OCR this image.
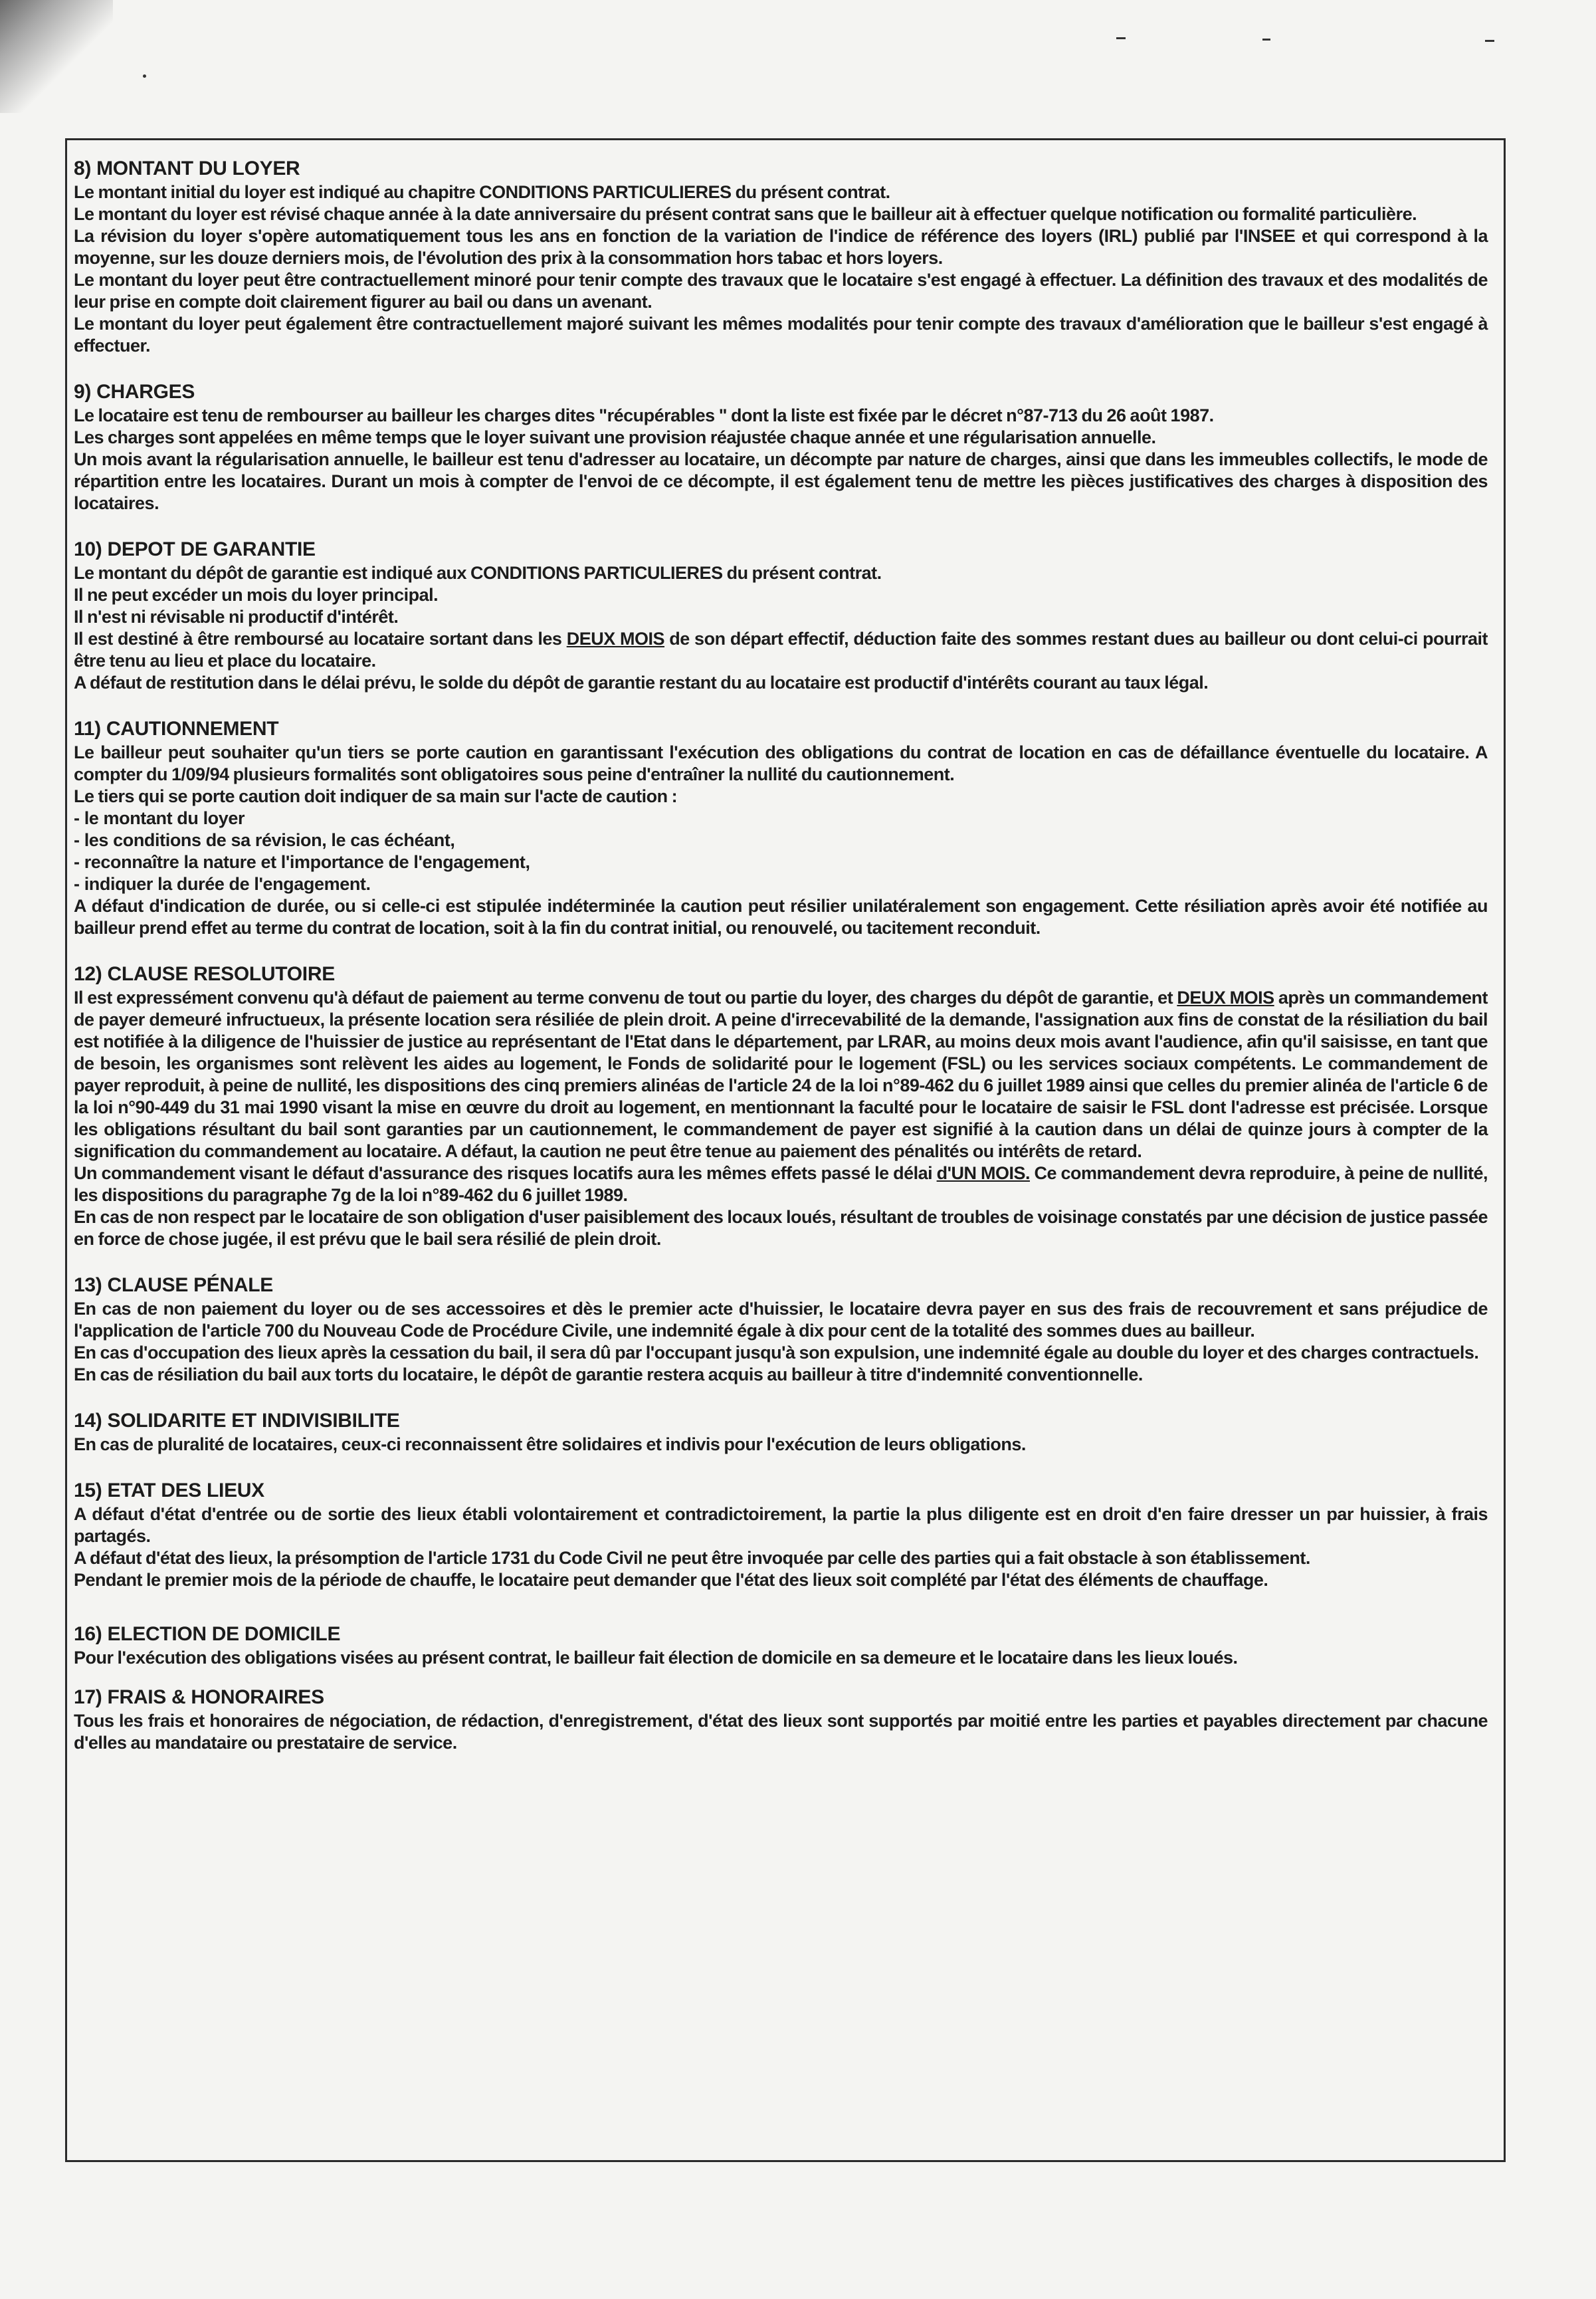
8) MONTANT DU LOYER

Le montant initial du loyer est indiqué au chapitre CONDITIONS PARTICULIERES du présent contrat.

Le montant du loyer est révisé chaque année à la date anniversaire du présent contrat sans que le bailleur ait à effectuer quelque notification ou formalité particulière.

La révision du loyer s'opère automatiquement tous les ans en fonction de la variation de l'indice de référence des loyers (IRL) publié par l'INSEE et qui correspond à la moyenne, sur les douze derniers mois, de l'évolution des prix à la consommation hors tabac et hors loyers.

Le montant du loyer peut être contractuellement minoré pour tenir compte des travaux que le locataire s'est engagé à effectuer. La définition des travaux et des modalités de leur prise en compte doit clairement figurer au bail ou dans un avenant.

Le montant du loyer peut également être contractuellement majoré suivant les mêmes modalités pour tenir compte des travaux d'amélioration que le bailleur s'est engagé à effectuer.

9) CHARGES

Le locataire est tenu de rembourser au bailleur les charges dites "récupérables " dont la liste est fixée par le décret n°87-713 du 26 août 1987.

Les charges sont appelées en même temps que le loyer suivant une provision réajustée chaque année et une régularisation annuelle.

Un mois avant la régularisation annuelle, le bailleur est tenu d'adresser au locataire, un décompte par nature de charges, ainsi que dans les immeubles collectifs, le mode de répartition entre les locataires. Durant un mois à compter de l'envoi de ce décompte, il est également tenu de mettre les pièces justificatives des charges à disposition des locataires.

10) DEPOT DE GARANTIE

Le montant du dépôt de garantie est indiqué aux CONDITIONS PARTICULIERES du présent contrat.

Il ne peut excéder un mois du loyer principal.

Il n'est ni révisable ni productif d'intérêt.

Il est destiné à être remboursé au locataire sortant dans les DEUX MOIS de son départ effectif, déduction faite des sommes restant dues au bailleur ou dont celui-ci pourrait être tenu au lieu et place du locataire.

A défaut de restitution dans le délai prévu, le solde du dépôt de garantie restant du au locataire est productif d'intérêts courant au taux légal.

11) CAUTIONNEMENT

Le bailleur peut souhaiter qu'un tiers se porte caution en garantissant l'exécution des obligations du contrat de location en cas de défaillance éventuelle du locataire. A compter du 1/09/94 plusieurs formalités sont obligatoires sous peine d'entraîner la nullité du cautionnement.

Le tiers qui se porte caution doit indiquer de sa main sur l'acte de caution :

- le montant du loyer
- les conditions de sa révision, le cas échéant,
- reconnaître la nature et l'importance de l'engagement,
- indiquer la durée de l'engagement.

A défaut d'indication de durée, ou si celle-ci est stipulée indéterminée la caution peut résilier unilatéralement son engagement. Cette résiliation après avoir été notifiée au bailleur prend effet au terme du contrat de location, soit à la fin du contrat initial, ou renouvelé, ou tacitement reconduit.

12) CLAUSE RESOLUTOIRE

Il est expressément convenu qu'à défaut de paiement au terme convenu de tout ou partie du loyer, des charges du dépôt de garantie, et DEUX MOIS après un commandement de payer demeuré infructueux, la présente location sera résiliée de plein droit. A peine d'irrecevabilité de la demande, l'assignation aux fins de constat de la résiliation du bail est notifiée à la diligence de l'huissier de justice au représentant de l'Etat dans le département, par LRAR, au moins deux mois avant l'audience, afin qu'il saisisse, en tant que de besoin, les organismes sont relèvent les aides au logement, le Fonds de solidarité pour le logement (FSL) ou les services sociaux compétents. Le commandement de payer reproduit, à peine de nullité, les dispositions des cinq premiers alinéas de l'article 24 de la loi n°89-462 du 6 juillet 1989 ainsi que celles du premier alinéa de l'article 6 de la loi n°90-449 du 31 mai 1990 visant la mise en œuvre du droit au logement, en mentionnant la faculté pour le locataire de saisir le FSL dont l'adresse est précisée. Lorsque les obligations résultant du bail sont garanties par un cautionnement, le commandement de payer est signifié à la caution dans un délai de quinze jours à compter de la signification du commandement au locataire. A défaut, la caution ne peut être tenue au paiement des pénalités ou intérêts de retard.

Un commandement visant le défaut d'assurance des risques locatifs aura les mêmes effets passé le délai d'UN MOIS. Ce commandement devra reproduire, à peine de nullité, les dispositions du paragraphe 7g de la loi n°89-462 du 6 juillet 1989.

En cas de non respect par le locataire de son obligation d'user paisiblement des locaux loués, résultant de troubles de voisinage constatés par une décision de justice passée en force de chose jugée, il est prévu que le bail sera résilié de plein droit.

13) CLAUSE PÉNALE

En cas de non paiement du loyer ou de ses accessoires et dès le premier acte d'huissier, le locataire devra payer en sus des frais de recouvrement et sans préjudice de l'application de l'article 700 du Nouveau Code de Procédure Civile, une indemnité égale à dix pour cent de la totalité des sommes dues au bailleur.

En cas d'occupation des lieux après la cessation du bail, il sera dû par l'occupant jusqu'à son expulsion, une indemnité égale au double du loyer et des charges contractuels.

En cas de résiliation du bail aux torts du locataire, le dépôt de garantie restera acquis au bailleur à titre d'indemnité conventionnelle.

14) SOLIDARITE ET INDIVISIBILITE

En cas de pluralité de locataires, ceux-ci reconnaissent être solidaires et indivis pour l'exécution de leurs obligations.

15) ETAT DES LIEUX

A défaut d'état d'entrée ou de sortie des lieux établi volontairement et contradictoirement, la partie la plus diligente est en droit d'en faire dresser un par huissier, à frais partagés.

A défaut d'état des lieux, la présomption de l'article 1731 du Code Civil ne peut être invoquée par celle des parties qui a fait obstacle à son établissement.

Pendant le premier mois de la période de chauffe, le locataire peut demander que l'état des lieux soit complété par l'état des éléments de chauffage.

16) ELECTION DE DOMICILE

Pour l'exécution des obligations visées au présent contrat, le bailleur fait élection de domicile en sa demeure et le locataire dans les lieux loués.

17) FRAIS & HONORAIRES

Tous les frais et honoraires de négociation, de rédaction, d'enregistrement, d'état des lieux sont supportés par moitié entre les parties et payables directement par chacune d'elles au mandataire ou prestataire de service.
